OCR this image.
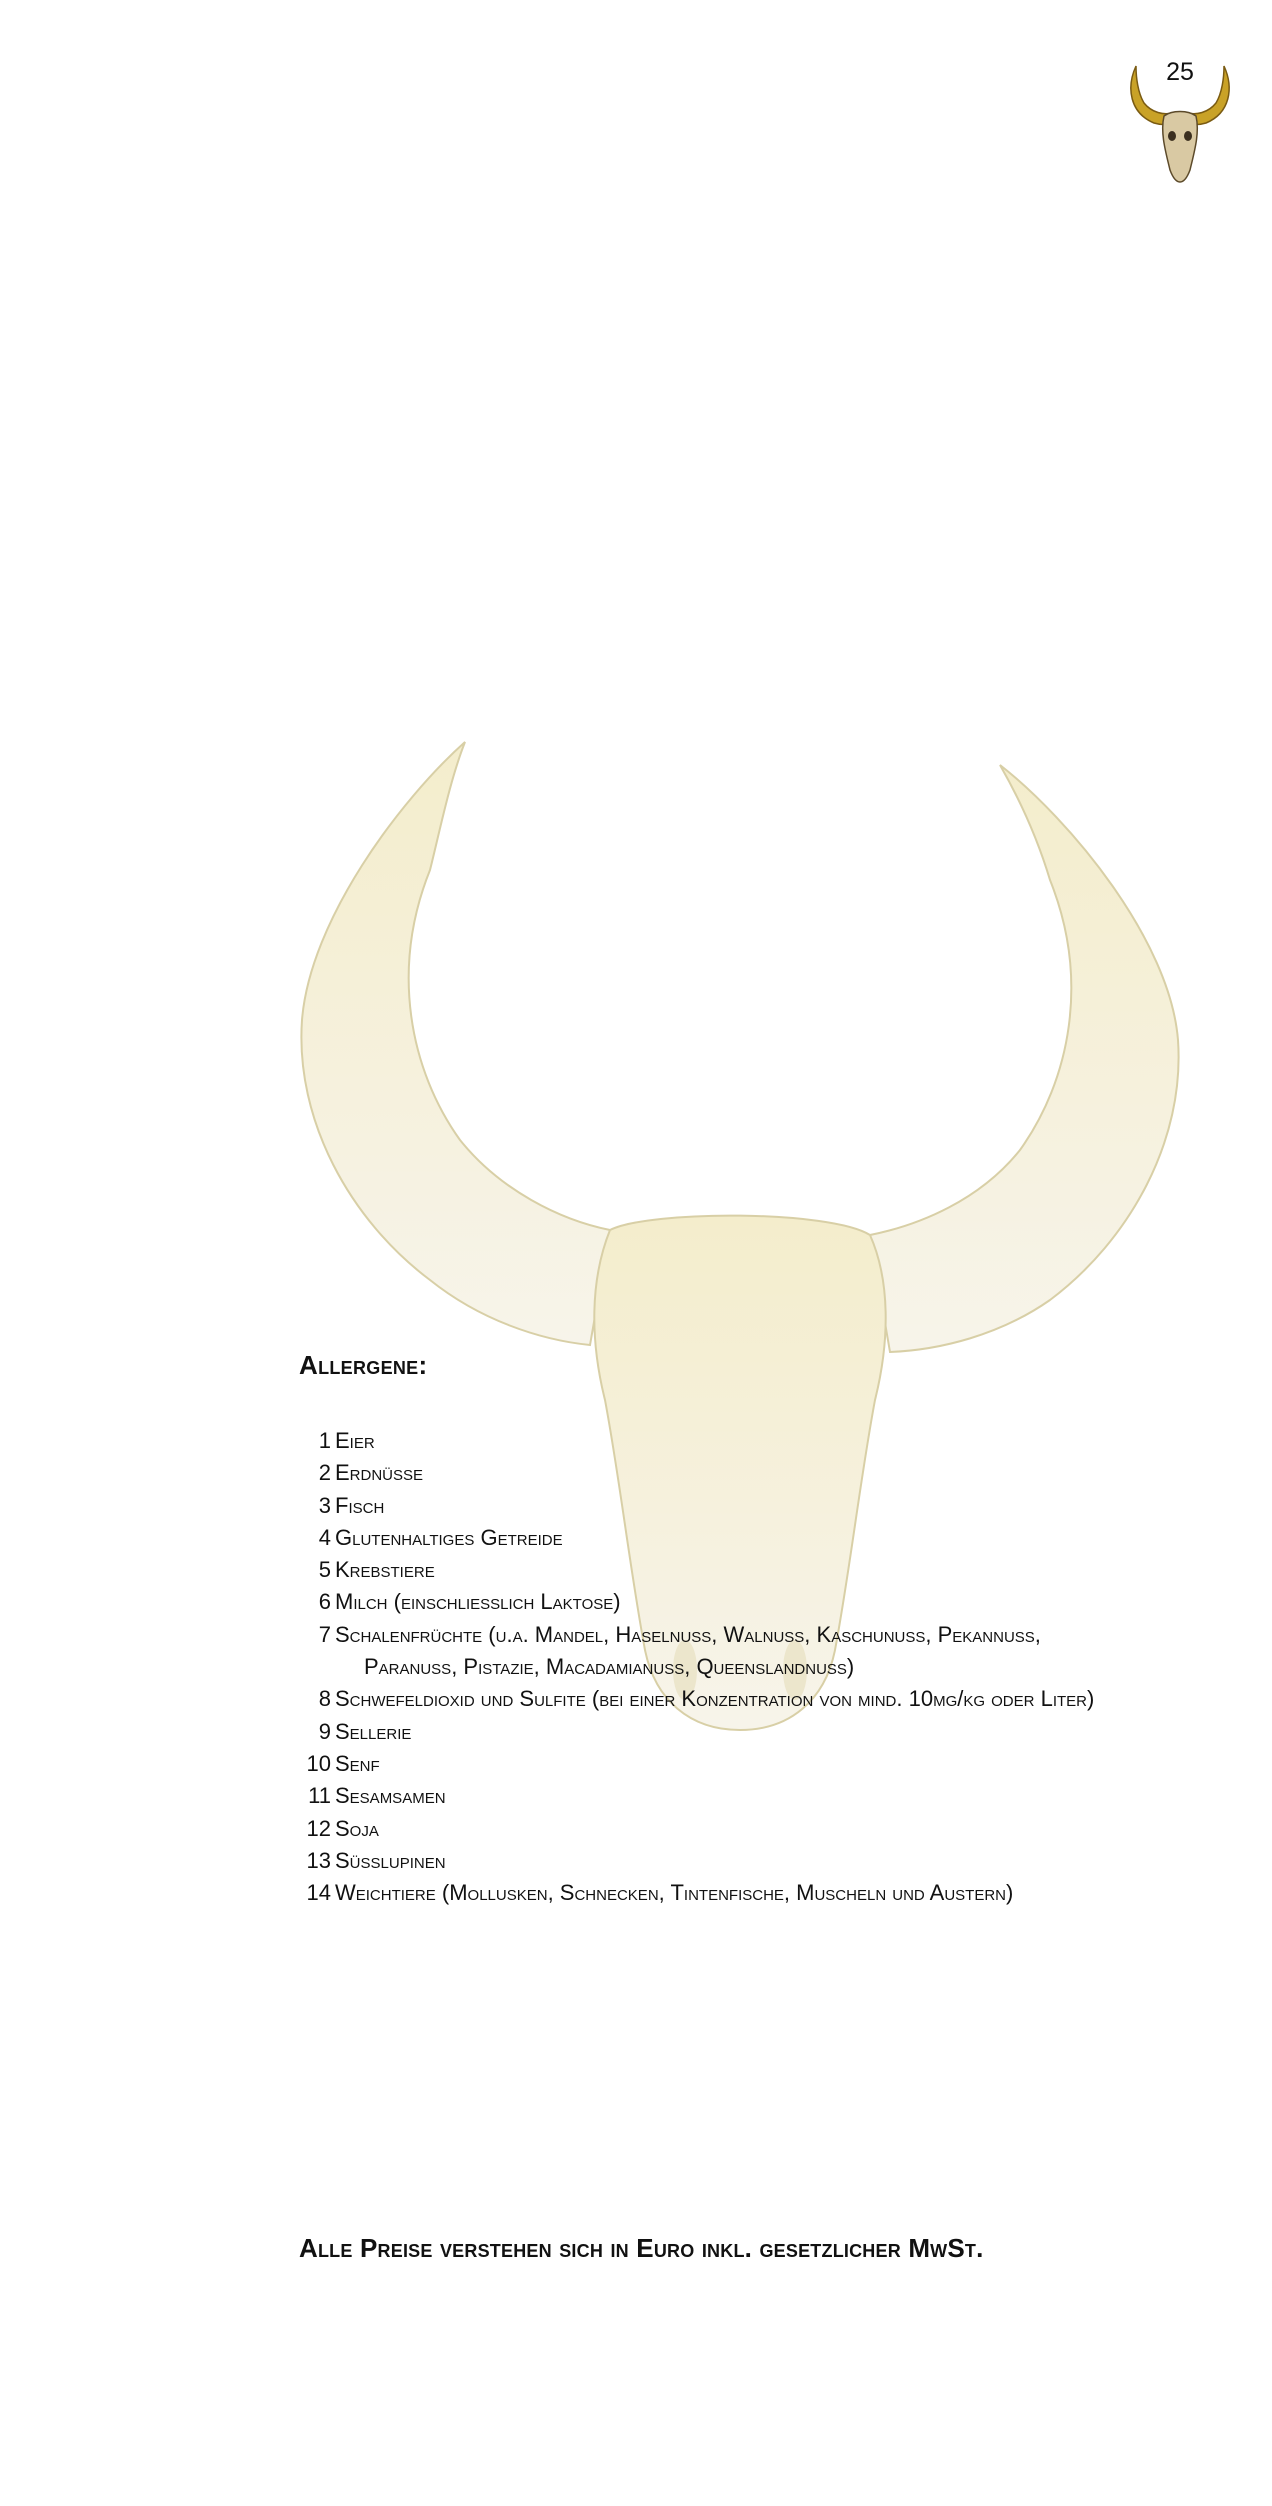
25
Allergene:
1 Eier
2 Erdnüsse
3 Fisch
4 Glutenhaltiges Getreide
5 Krebstiere
6 Milch (einschließlich Laktose)
7 Schalenfrüchte (u.a. Mandel, Haselnuss, Walnuss, Kaschunuss, Pekannuss,
Paranuss, Pistazie, Macadamianuss, Queenslandnuss)
8 Schwefeldioxid und Sulfite (bei einer Konzentration von mind. 10mg/kg oder Liter)
9 Sellerie
10 Senf
11 Sesamsamen
12 Soja
13 Süßlupinen
14 Weichtiere (Mollusken, Schnecken, Tintenfische, Muscheln und Austern)
Alle Preise verstehen sich in Euro inkl. gesetzlicher MwSt.
